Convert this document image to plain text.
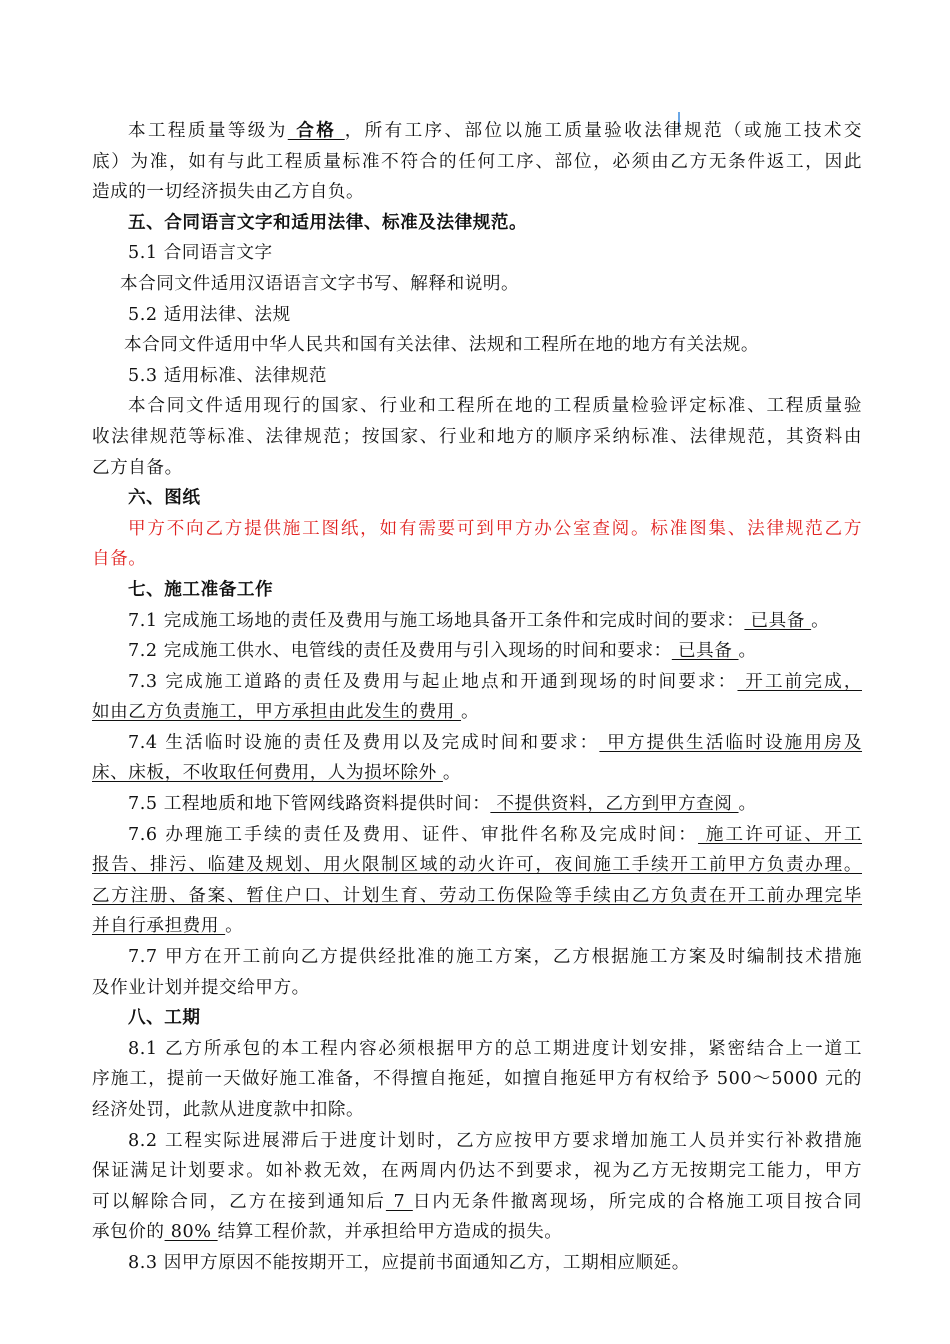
本工程质量等级为 合格 ，所有工序、部位以施工质量验收法律规范（或施工技术交
底）为准，如有与此工程质量标准不符合的任何工序、部位，必须由乙方无条件返工，因此
造成的一切经济损失由乙方自负。
五、合同语言文字和适用法律、标准及法律规范。
5.1 合同语言文字
本合同文件适用汉语语言文字书写、解释和说明。
5.2 适用法律、法规
本合同文件适用中华人民共和国有关法律、法规和工程所在地的地方有关法规。
5.3 适用标准、法律规范
本合同文件适用现行的国家、行业和工程所在地的工程质量检验评定标准、工程质量验
收法律规范等标准、法律规范；按国家、行业和地方的顺序采纳标准、法律规范，其资料由
乙方自备。
六、图纸
甲方不向乙方提供施工图纸，如有需要可到甲方办公室查阅。标准图集、法律规范乙方
自备。
七、施工准备工作
7.1 完成施工场地的责任及费用与施工场地具备开工条件和完成时间的要求： 已具备 。
7.2 完成施工供水、电管线的责任及费用与引入现场的时间和要求： 已具备 。
7.3 完成施工道路的责任及费用与起止地点和开通到现场的时间要求： 开工前完成，
如由乙方负责施工，甲方承担由此发生的费用 。
7.4 生活临时设施的责任及费用以及完成时间和要求： 甲方提供生活临时设施用房及
床、床板，不收取任何费用，人为损坏除外 。
7.5 工程地质和地下管网线路资料提供时间： 不提供资料，乙方到甲方查阅 。
7.6 办理施工手续的责任及费用、证件、审批件名称及完成时间： 施工许可证、开工
报告、排污、临建及规划、用火限制区域的动火许可，夜间施工手续开工前甲方负责办理。
乙方注册、备案、暂住户口、计划生育、劳动工伤保险等手续由乙方负责在开工前办理完毕
并自行承担费用 。
7.7 甲方在开工前向乙方提供经批准的施工方案，乙方根据施工方案及时编制技术措施
及作业计划并提交给甲方。
八、工期
8.1 乙方所承包的本工程内容必须根据甲方的总工期进度计划安排，紧密结合上一道工
序施工，提前一天做好施工准备，不得擅自拖延，如擅自拖延甲方有权给予 500～5000 元的
经济处罚，此款从进度款中扣除。
8.2 工程实际进展滞后于进度计划时，乙方应按甲方要求增加施工人员并实行补救措施
保证满足计划要求。如补救无效，在两周内仍达不到要求，视为乙方无按期完工能力，甲方
可以解除合同，乙方在接到通知后 7 日内无条件撤离现场，所完成的合格施工项目按合同
承包价的 80% 结算工程价款，并承担给甲方造成的损失。
8.3 因甲方原因不能按期开工，应提前书面通知乙方，工期相应顺延。
